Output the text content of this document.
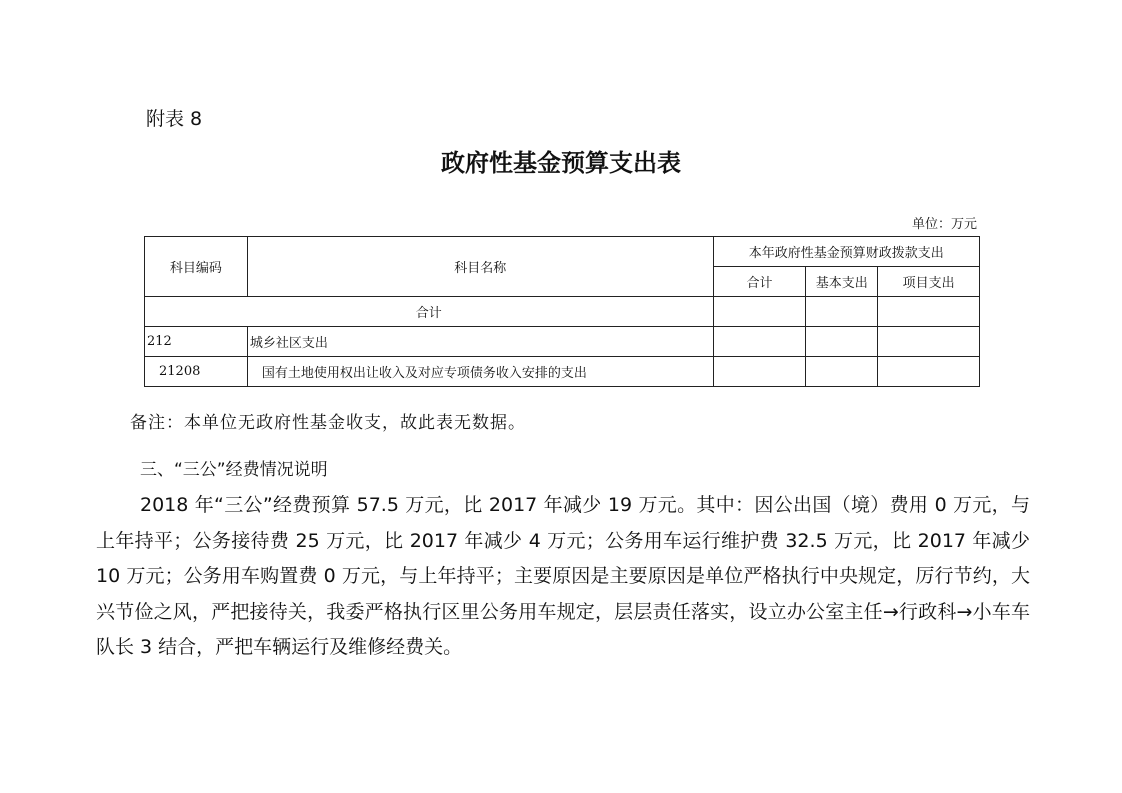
附表 8
政府性基金预算支出表
单位：万元
科目编码	科目名称	本年政府性基金预算财政拨款支出		
		合计	基本支出	项目支出
合计				
212	城乡社区支出			
21208	国有土地使用权出让收入及对应专项债务收入安排的支出			
备注：本单位无政府性基金收支，故此表无数据。
三、“三公”经费情况说明
2018 年“三公”经费预算 57.5 万元，比 2017 年减少 19 万元。其中：因公出国（境）费用 0 万元，与上年持平；公务接待费 25 万元，比 2017 年减少 4 万元；公务用车运行维护费 32.5 万元，比 2017 年减少 10 万元；公务用车购置费 0 万元，与上年持平；主要原因是主要原因是单位严格执行中央规定，厉行节约，大兴节俭之风，严把接待关，我委严格执行区里公务用车规定，层层责任落实，设立办公室主任→行政科→小车车队长 3 结合，严把车辆运行及维修经费关。
